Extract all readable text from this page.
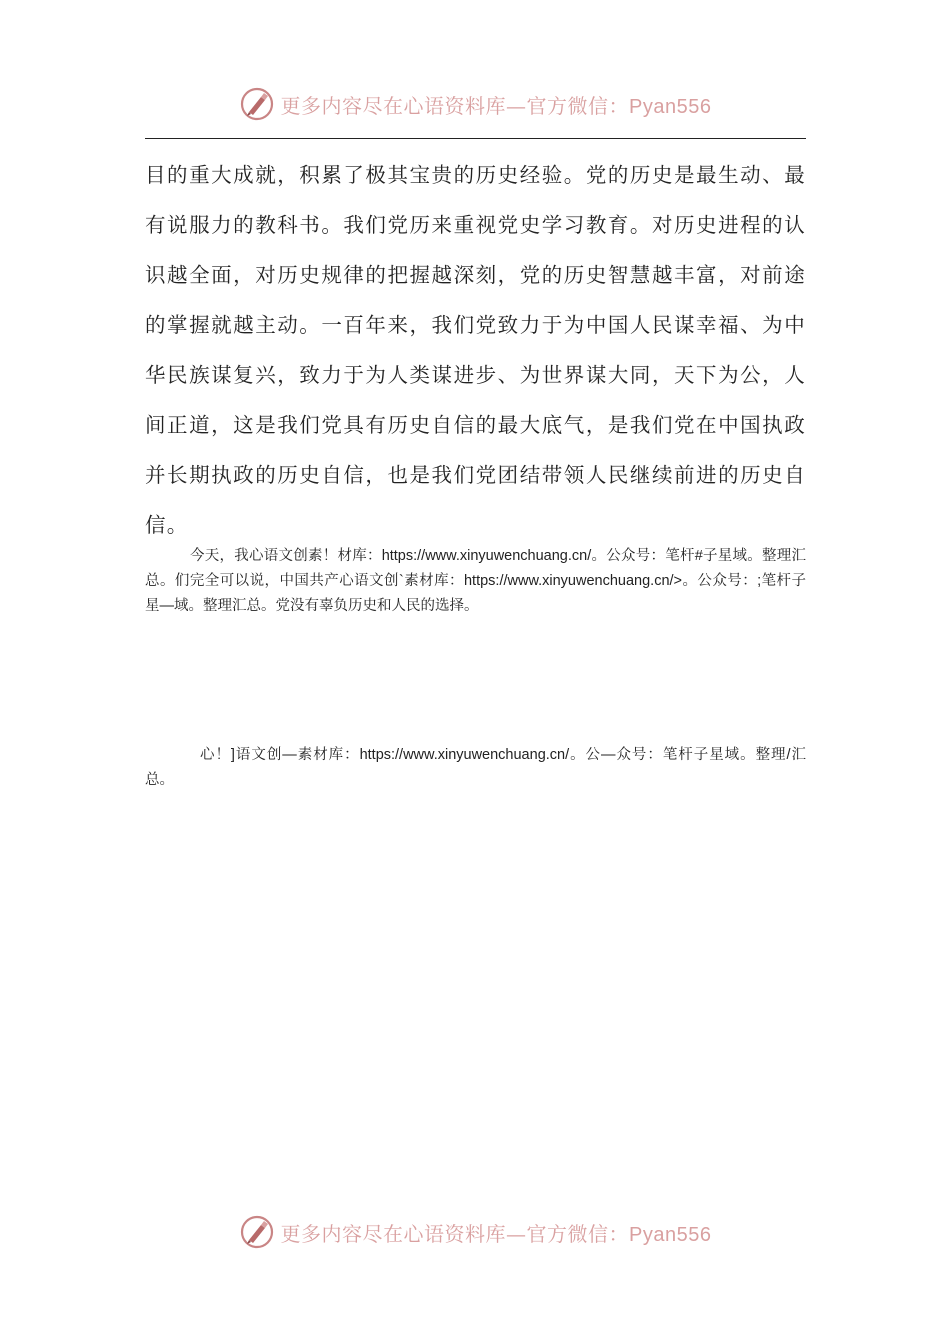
更多内容尽在心语资料库—官方微信：Pyan556

目的重大成就，积累了极其宝贵的历史经验。党的历史是最生动、最有说服力的教科书。我们党历来重视党史学习教育。对历史进程的认识越全面，对历史规律的把握越深刻，党的历史智慧越丰富，对前途的掌握就越主动。一百年来，我们党致力于为中国人民谋幸福、为中华民族谋复兴，致力于为人类谋进步、为世界谋大同，天下为公，人间正道，这是我们党具有历史自信的最大底气，是我们党在中国执政并长期执政的历史自信，也是我们党团结带领人民继续前进的历史自信。

今天，我心语文创素！材库：https://www.xinyuwenchuang.cn/。公众号：笔杆#子星域。整理汇总。们完全可以说，中国共产心语文创`素材库：https://www.xinyuwenchuang.cn/>。公众号：;笔杆子星—域。整理汇总。党没有辜负历史和人民的选择。

心！]语文创—素材库：https://www.xinyuwenchuang.cn/。公—众号：笔杆子星域。整理/汇总。

更多内容尽在心语资料库—官方微信：Pyan556
